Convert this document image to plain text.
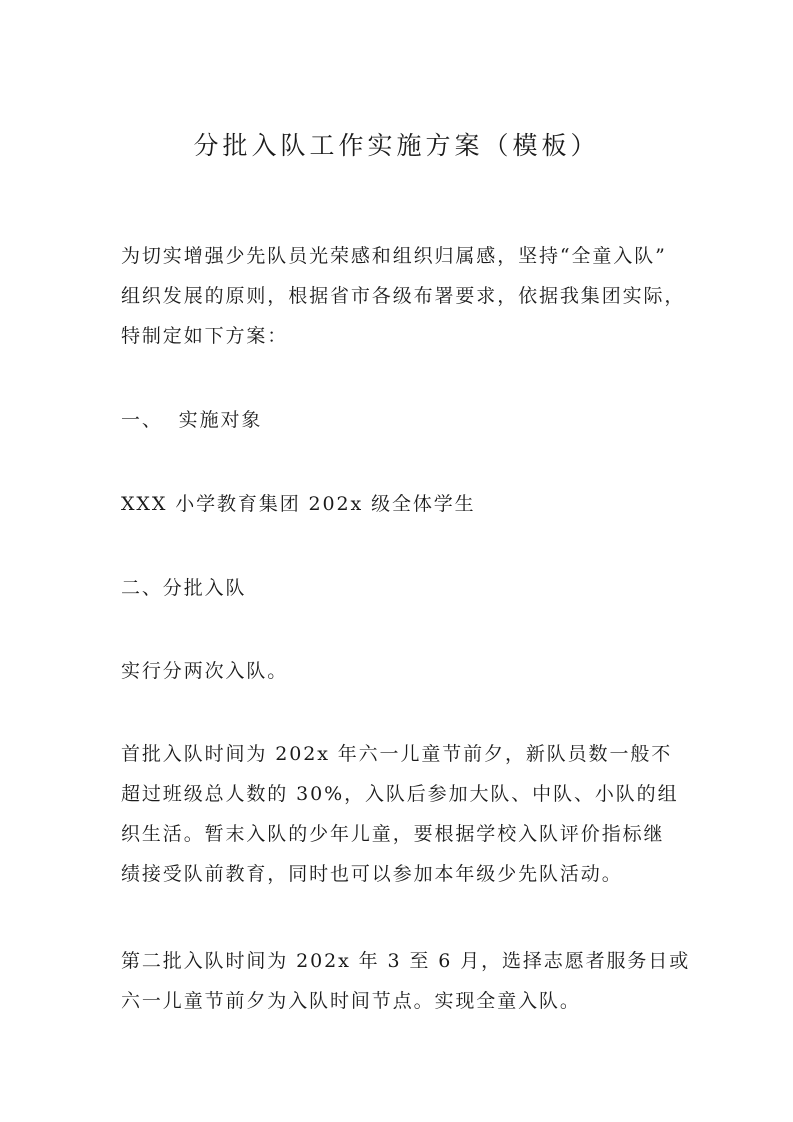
分批入队工作实施方案（模板）
为切实增强少先队员光荣感和组织归属感，坚持“全童入队”
组织发展的原则，根据省市各级布署要求，依据我集团实际，
特制定如下方案：
一、  实施对象
XXX 小学教育集团 202x 级全体学生
二、分批入队
实行分两次入队。
首批入队时间为 202x 年六一儿童节前夕，新队员数一般不
超过班级总人数的 30%，入队后参加大队、中队、小队的组
织生活。暂末入队的少年儿童，要根据学校入队评价指标继
绩接受队前教育，同时也可以参加本年级少先队活动。
第二批入队时间为 202x 年 3 至 6 月，选择志愿者服务日或
六一儿童节前夕为入队时间节点。实现全童入队。
